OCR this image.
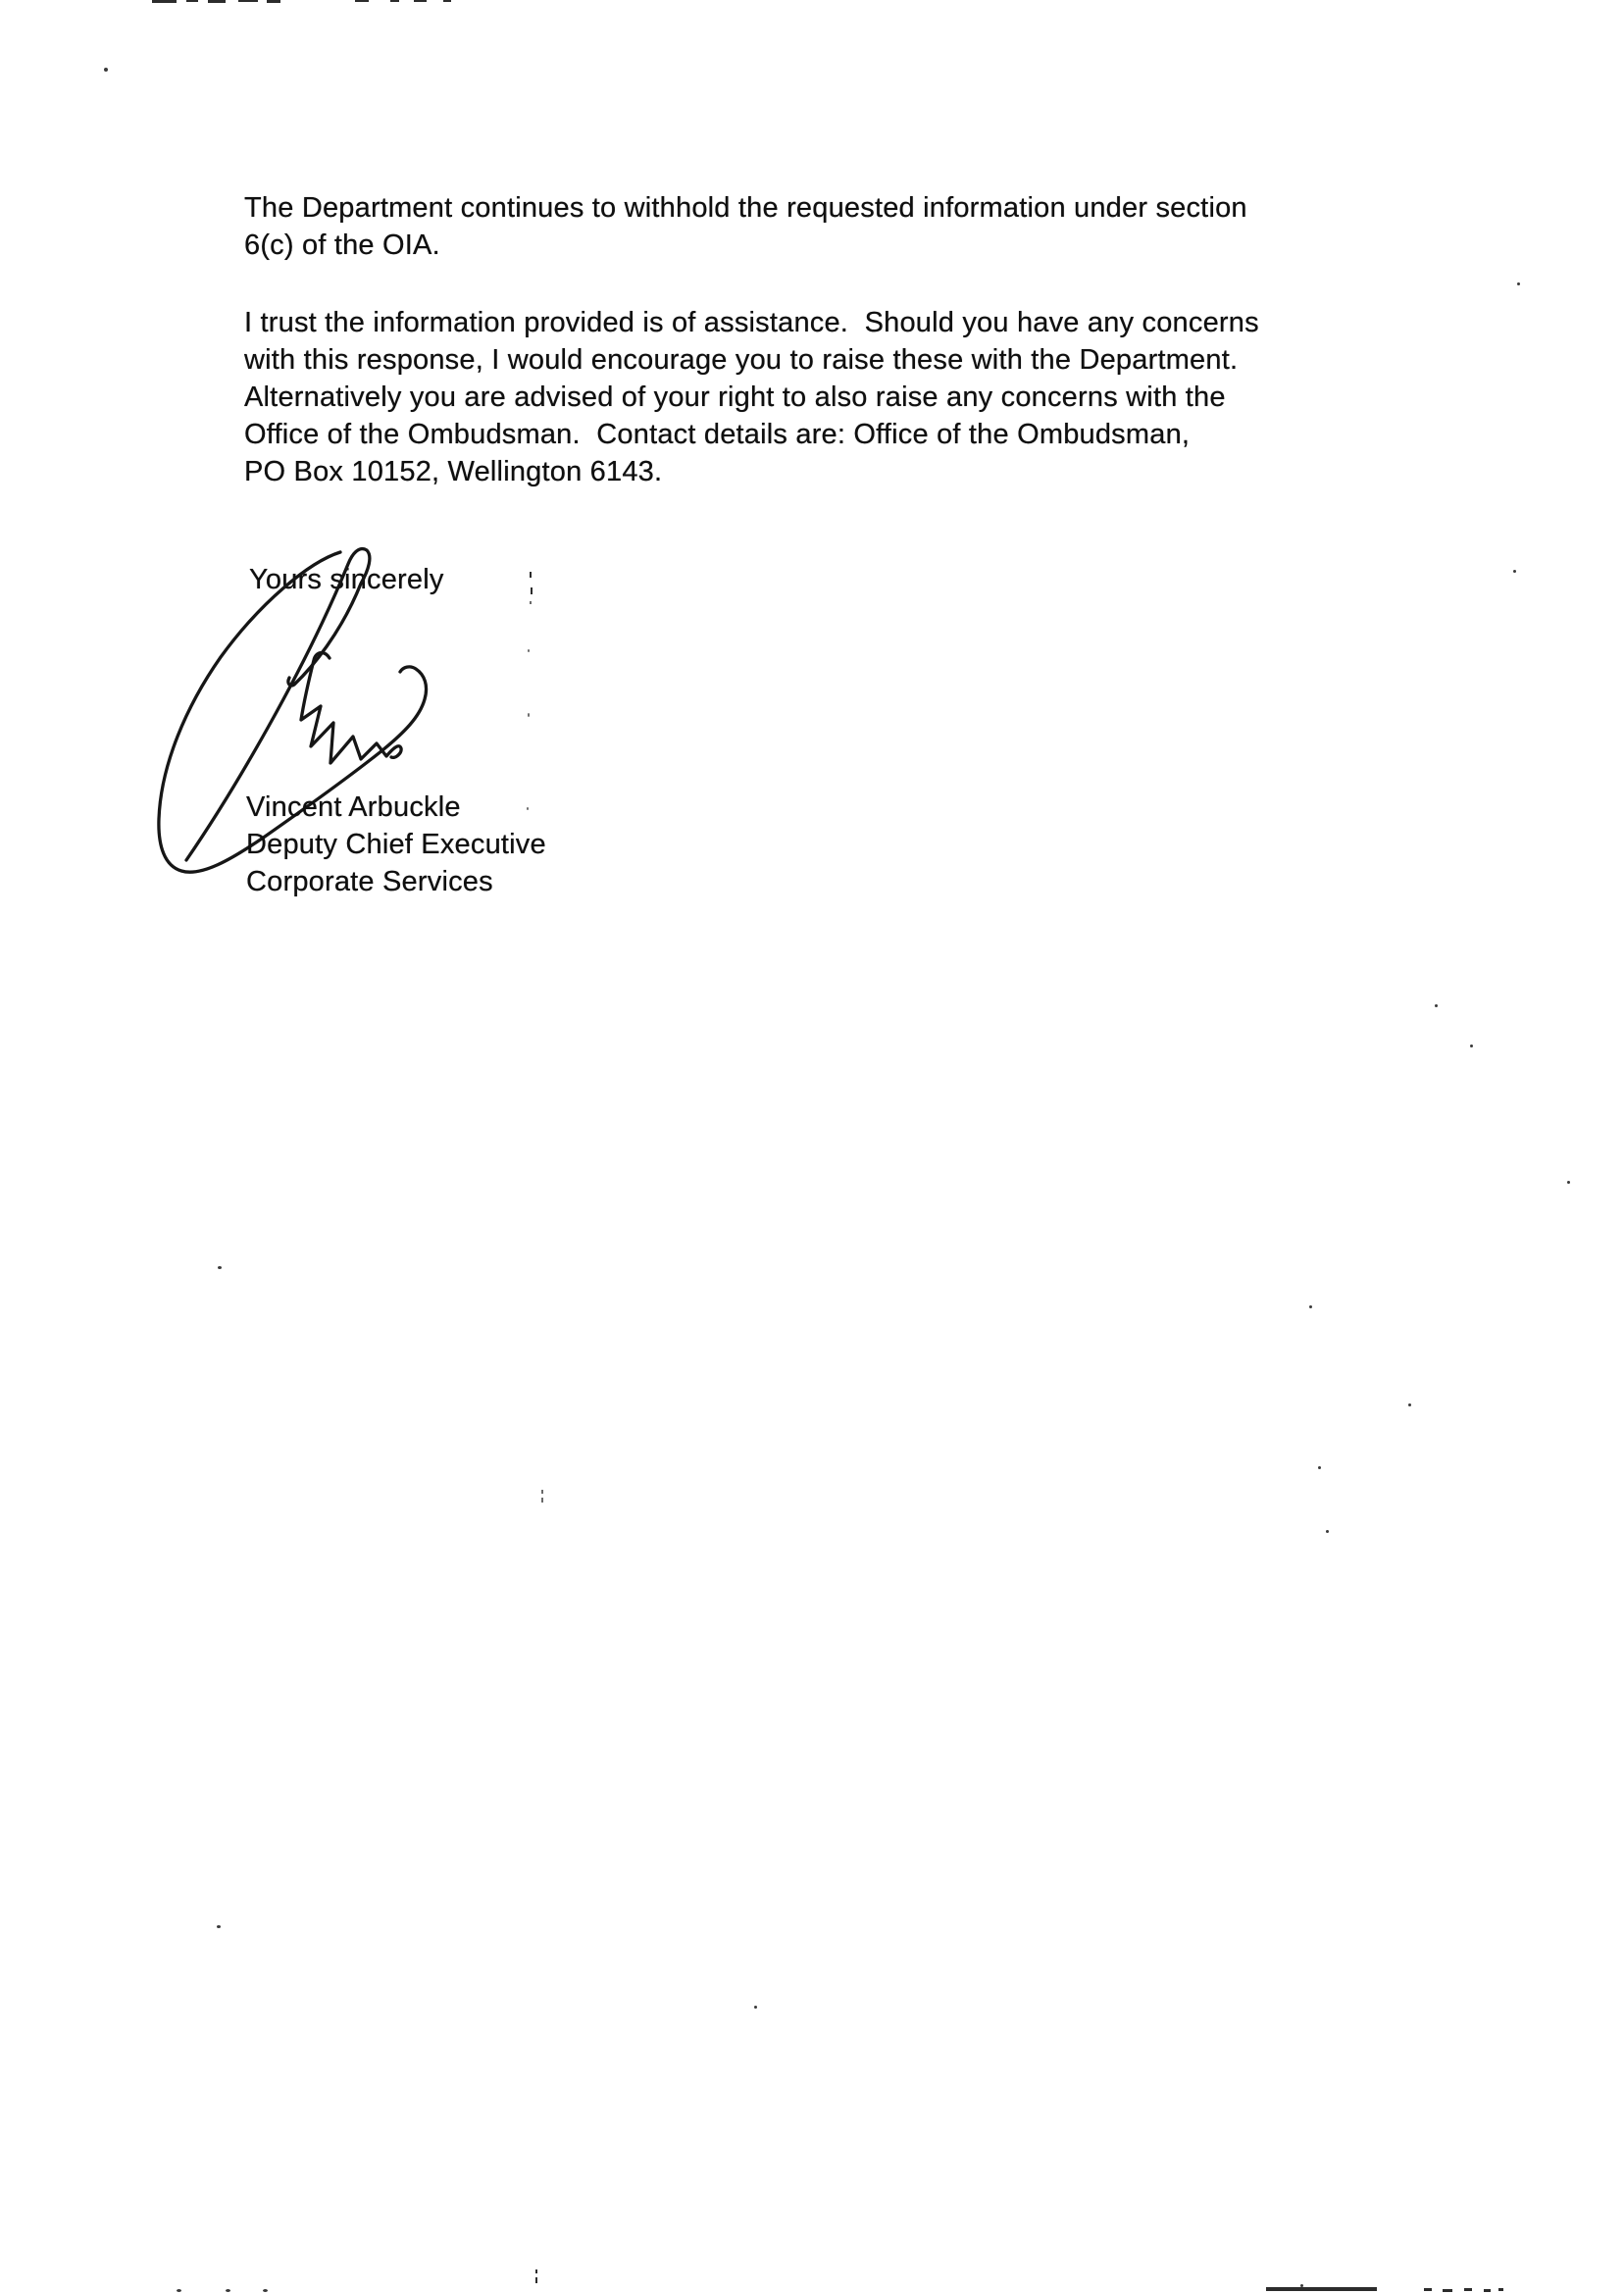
The Department continues to withhold the requested information under section
6(c) of the OIA.
I trust the information provided is of assistance.  Should you have any concerns
with this response, I would encourage you to raise these with the Department.
Alternatively you are advised of your right to also raise any concerns with the
Office of the Ombudsman.  Contact details are: Office of the Ombudsman,
PO Box 10152, Wellington 6143.
Yours sincerely
Vincent Arbuckle
Deputy Chief Executive
Corporate Services
